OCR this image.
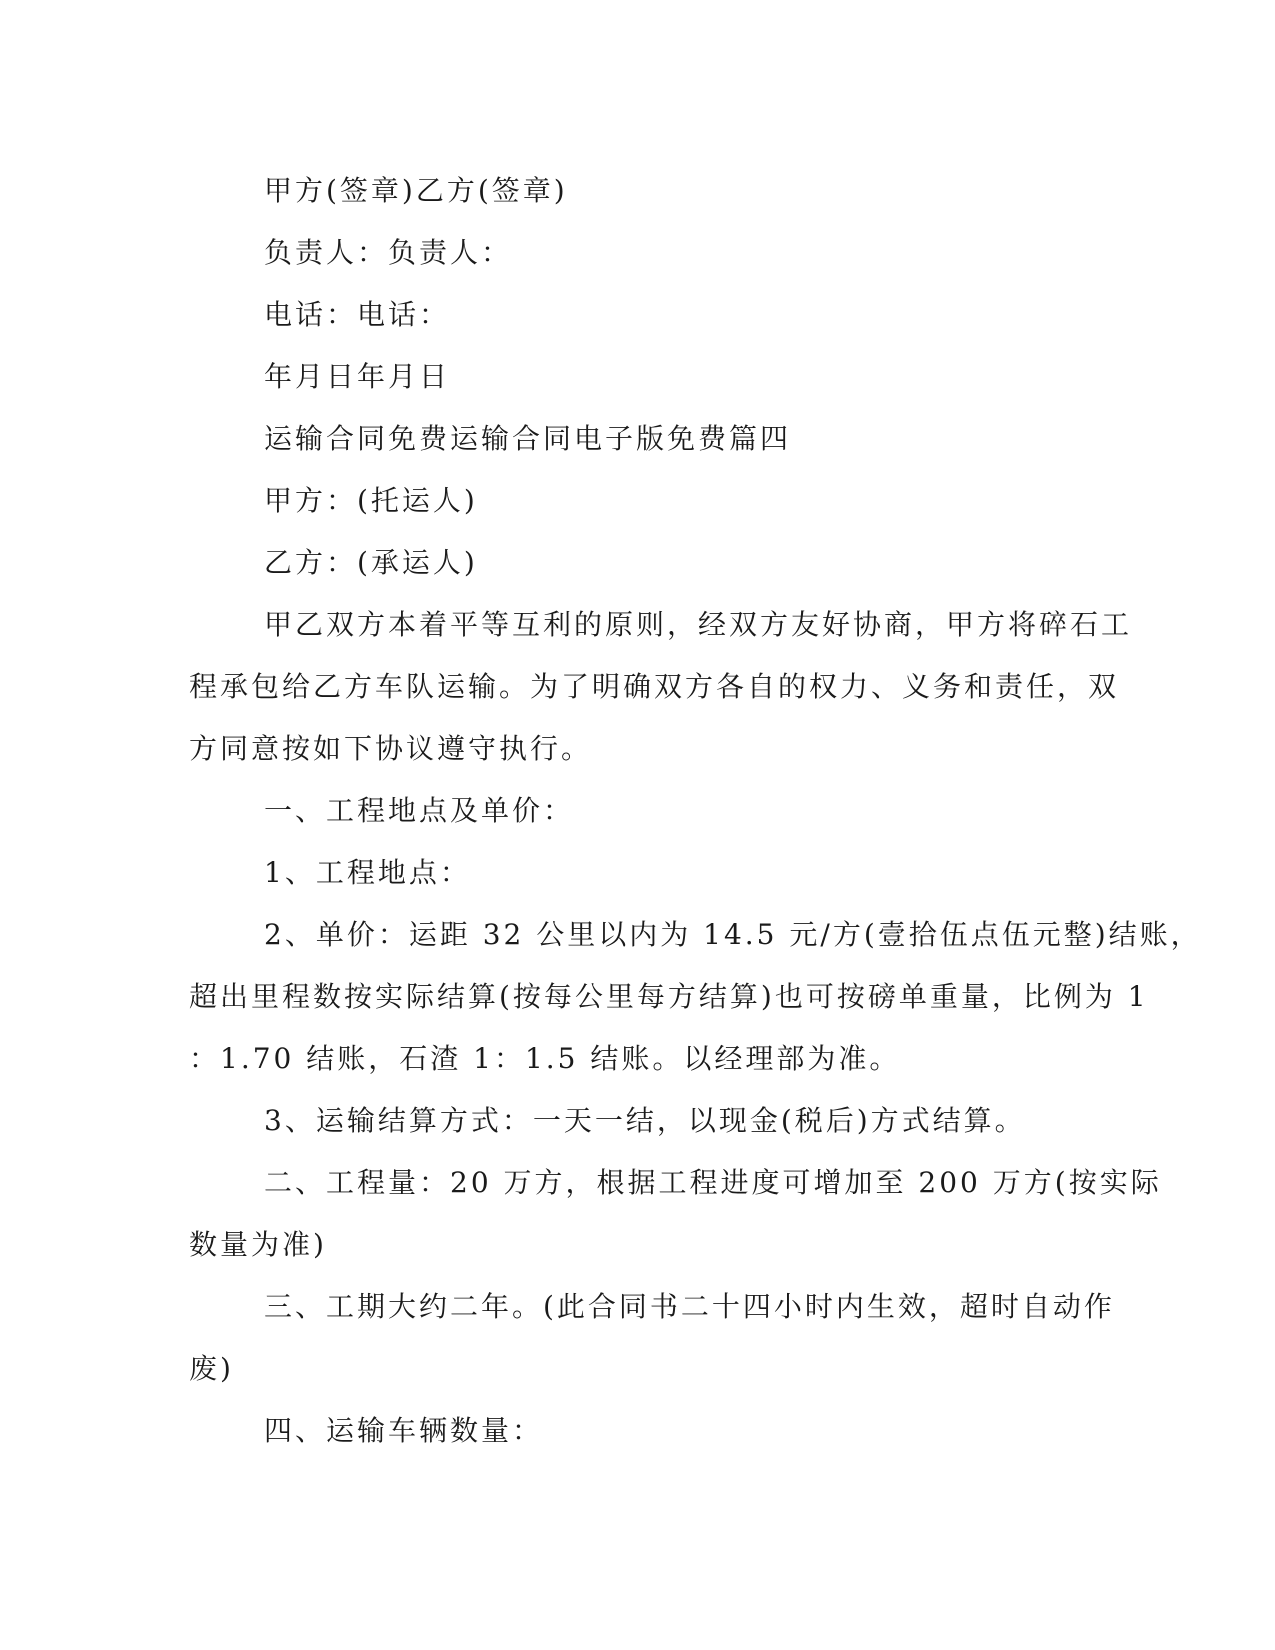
甲方(签章)乙方(签章)
负责人：负责人：
电话：电话：
年月日年月日
运输合同免费运输合同电子版免费篇四
甲方：(托运人)
乙方：(承运人)
甲乙双方本着平等互利的原则，经双方友好协商，甲方将碎石工
程承包给乙方车队运输。为了明确双方各自的权力、义务和责任，双
方同意按如下协议遵守执行。
一、工程地点及单价：
1、工程地点：
2、单价：运距 32 公里以内为 14.5 元/方(壹拾伍点伍元整)结账，
超出里程数按实际结算(按每公里每方结算)也可按磅单重量，比例为 1
：1.70 结账，石渣 1：1.5 结账。以经理部为准。
3、运输结算方式：一天一结，以现金(税后)方式结算。
二、工程量：20 万方，根据工程进度可增加至 200 万方(按实际
数量为准)
三、工期大约二年。(此合同书二十四小时内生效，超时自动作
废)
四、运输车辆数量：
